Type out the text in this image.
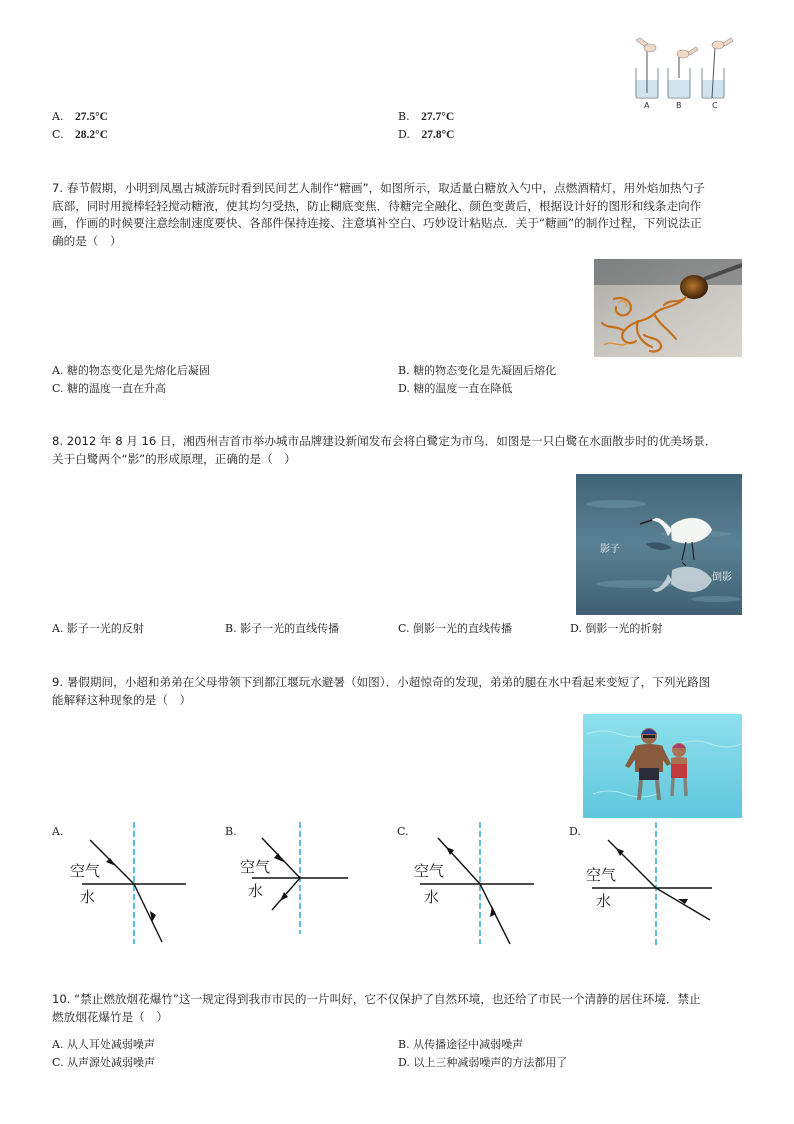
A	B	C
A. 27.5°C	B. 27.7°C
C. 28.2°C	D. 27.8°C
7. 春节假期，小明到凤凰古城游玩时看到民间艺人制作“糖画”，如图所示，取适量白糖放入勺中，点燃酒精灯，用外焰加热勺子
底部，同时用搅棒轻轻搅动糖液，使其均匀受热，防止糊底变焦．待糖完全融化、颜色变黄后，根据设计好的图形和线条走向作
画，作画的时候要注意绘制速度要快、各部件保持连接、注意填补空白、巧妙设计粘贴点．关于“糖画”的制作过程，下列说法正
确的是（　）
A. 糖的物态变化是先熔化后凝固	B. 糖的物态变化是先凝固后熔化
C. 糖的温度一直在升高	D. 糖的温度一直在降低
8. 2012 年 8 月 16 日，湘西州吉首市举办城市品牌建设新闻发布会将白鹭定为市鸟．如图是一只白鹭在水面散步时的优美场景．
关于白鹭两个“影”的形成原理，正确的是（　）
影子
倒影
A. 影子一光的反射	B. 影子一光的直线传播	C. 倒影一光的直线传播	D. 倒影一光的折射
9. 暑假期间，小超和弟弟在父母带领下到都江堰玩水避暑（如图）．小超惊奇的发现，弟弟的腿在水中看起来变短了，下列光路图
能解释这种现象的是（　）
A.	B.	C.	D.
空气
水
空气
水
空气
水
空气
水
10. “禁止燃放烟花爆竹”这一规定得到我市市民的一片叫好，它不仅保护了自然环境，也还给了市民一个清静的居住环境．禁止
燃放烟花爆竹是（　）
A. 从人耳处减弱噪声	B. 从传播途径中减弱噪声
C. 从声源处减弱噪声	D. 以上三种减弱噪声的方法都用了
